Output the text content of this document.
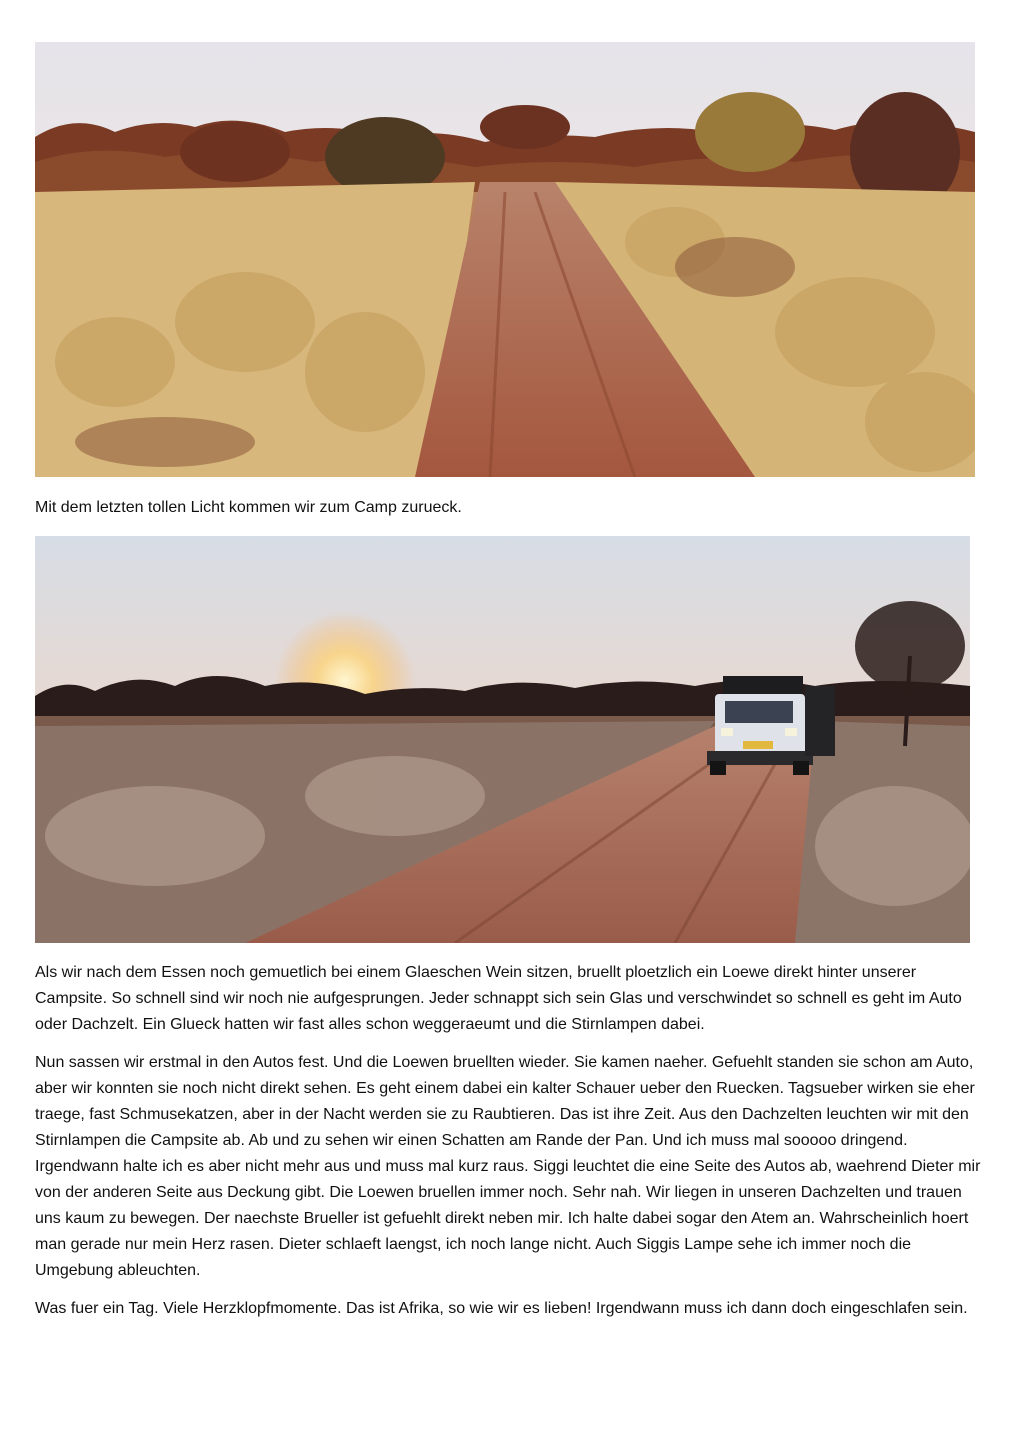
Mit dem letzten tollen Licht kommen wir zum Camp zurueck.

Als wir nach dem Essen noch gemuetlich bei einem Glaeschen Wein sitzen, bruellt ploetzlich ein Loewe direkt hinter unserer Campsite. So schnell sind wir noch nie aufgesprungen. Jeder schnappt sich sein Glas und verschwindet so schnell es geht im Auto oder Dachzelt. Ein Glueck hatten wir fast alles schon weggeraeumt und die Stirnlampen dabei.

Nun sassen wir erstmal in den Autos fest. Und die Loewen bruellten wieder. Sie kamen naeher. Gefuehlt standen sie schon am Auto, aber wir konnten sie noch nicht direkt sehen. Es geht einem dabei ein kalter Schauer ueber den Ruecken. Tagsueber wirken sie eher traege, fast Schmusekatzen, aber in der Nacht werden sie zu Raubtieren. Das ist ihre Zeit. Aus den Dachzelten leuchten wir mit den Stirnlampen die Campsite ab. Ab und zu sehen wir einen Schatten am Rande der Pan. Und ich muss mal sooooo dringend. Irgendwann halte ich es aber nicht mehr aus und muss mal kurz raus. Siggi leuchtet die eine Seite des Autos ab, waehrend Dieter mir von der anderen Seite aus Deckung gibt. Die Loewen bruellen immer noch. Sehr nah. Wir liegen in unseren Dachzelten und trauen uns kaum zu bewegen. Der naechste Brueller ist gefuehlt direkt neben mir. Ich halte dabei sogar den Atem an. Wahrscheinlich hoert man gerade nur mein Herz rasen. Dieter schlaeft laengst, ich noch lange nicht. Auch Siggis Lampe sehe ich immer noch die Umgebung ableuchten.

Was fuer ein Tag. Viele Herzklopfmomente. Das ist Afrika, so wie wir es lieben! Irgendwann muss ich dann doch eingeschlafen sein.
